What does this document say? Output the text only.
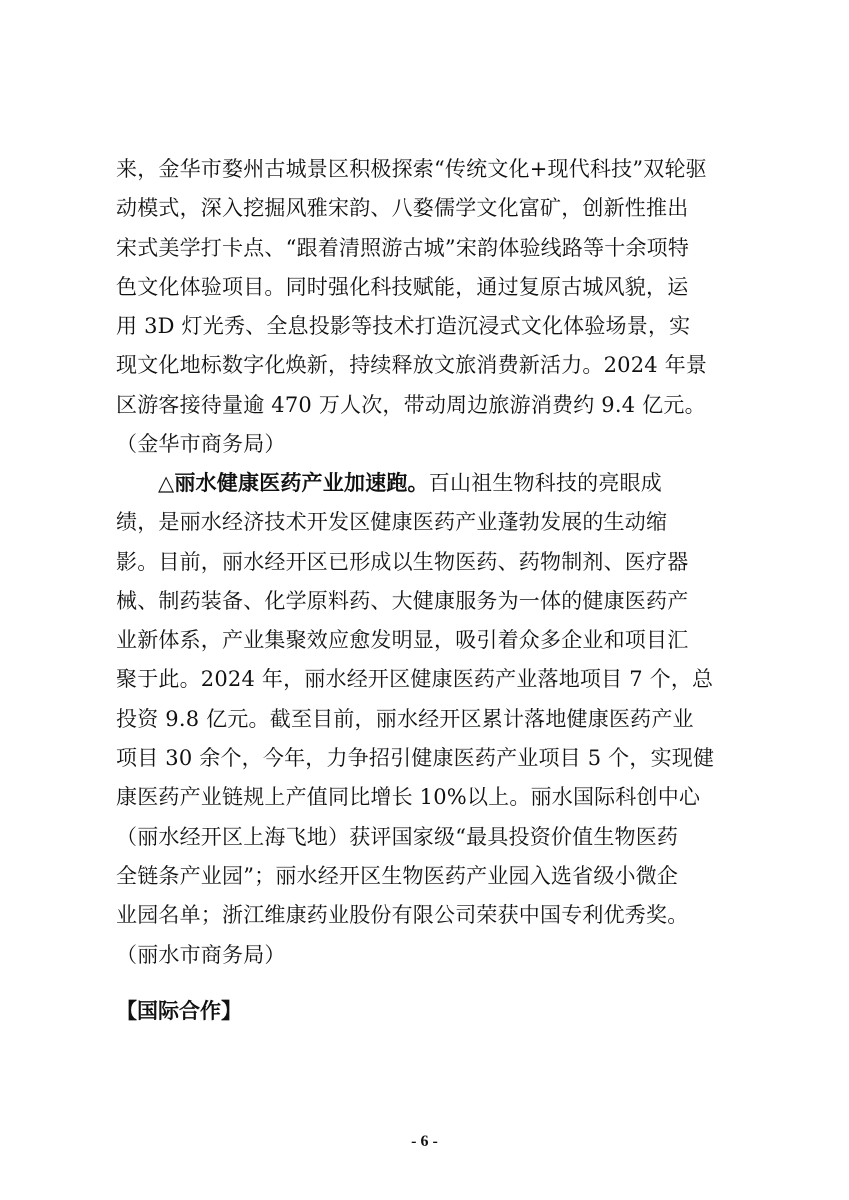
来，金华市婺州古城景区积极探索“传统文化+现代科技”双轮驱
动模式，深入挖掘风雅宋韵、八婺儒学文化富矿，创新性推出
宋式美学打卡点、“跟着清照游古城”宋韵体验线路等十余项特
色文化体验项目。同时强化科技赋能，通过复原古城风貌，运
用 3D 灯光秀、全息投影等技术打造沉浸式文化体验场景，实
现文化地标数字化焕新，持续释放文旅消费新活力。2024 年景
区游客接待量逾 470 万人次，带动周边旅游消费约 9.4 亿元。
（金华市商务局）
△丽水健康医药产业加速跑。百山祖生物科技的亮眼成
绩，是丽水经济技术开发区健康医药产业蓬勃发展的生动缩
影。目前，丽水经开区已形成以生物医药、药物制剂、医疗器
械、制药装备、化学原料药、大健康服务为一体的健康医药产
业新体系，产业集聚效应愈发明显，吸引着众多企业和项目汇
聚于此。2024 年，丽水经开区健康医药产业落地项目 7 个，总
投资 9.8 亿元。截至目前，丽水经开区累计落地健康医药产业
项目 30 余个，今年，力争招引健康医药产业项目 5 个，实现健
康医药产业链规上产值同比增长 10%以上。丽水国际科创中心
（丽水经开区上海飞地）获评国家级“最具投资价值生物医药
全链条产业园”；丽水经开区生物医药产业园入选省级小微企
业园名单；浙江维康药业股份有限公司荣获中国专利优秀奖。
（丽水市商务局）
【国际合作】
- 6 -
